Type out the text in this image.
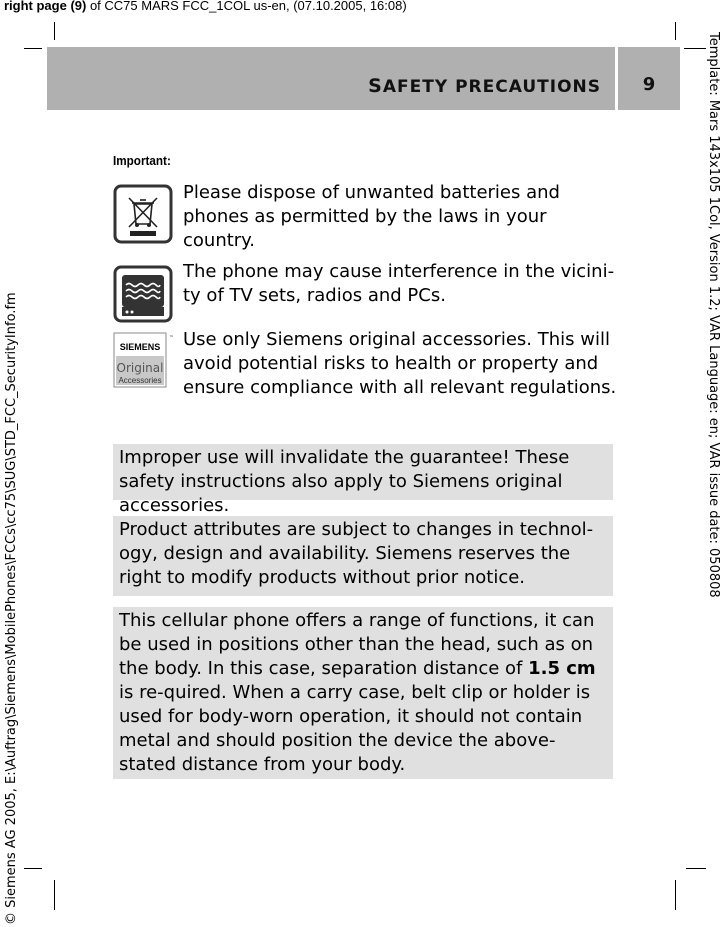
right page (9) of CC75 MARS FCC_1COL us-en, (07.10.2005, 16:08)
© Siemens AG 2005, E:\Auftrag\Siemens\MobilePhones\FCCs\cc75\SUG\STD_FCC_SecurityInfo.fm	Template: Mars 143x105 1Col, Version 1.2; VAR Language: en; VAR issue date: 050808
SAFETY PRECAUTIONS	9
Important:
Please dispose of unwanted batteries and phones as permitted by the laws in your country.
The phone may cause interference in the vicini-ty of TV sets, radios and PCs.
SIEMENS
Original
Accessories
™ Use only Siemens original accessories. This will avoid potential risks to health or property and ensure compliance with all relevant regulations.
Improper use will invalidate the guarantee! These safety instructions also apply to Siemens original accessories.
Product attributes are subject to changes in technol-ogy, design and availability. Siemens reserves the right to modify products without prior notice.
This cellular phone offers a range of functions, it can be used in positions other than the head, such as on the body. In this case, separation distance of 1.5 cm is re-quired. When a carry case, belt clip or holder is used for body-worn operation, it should not contain metal and should position the device the above-stated distance from your body.
